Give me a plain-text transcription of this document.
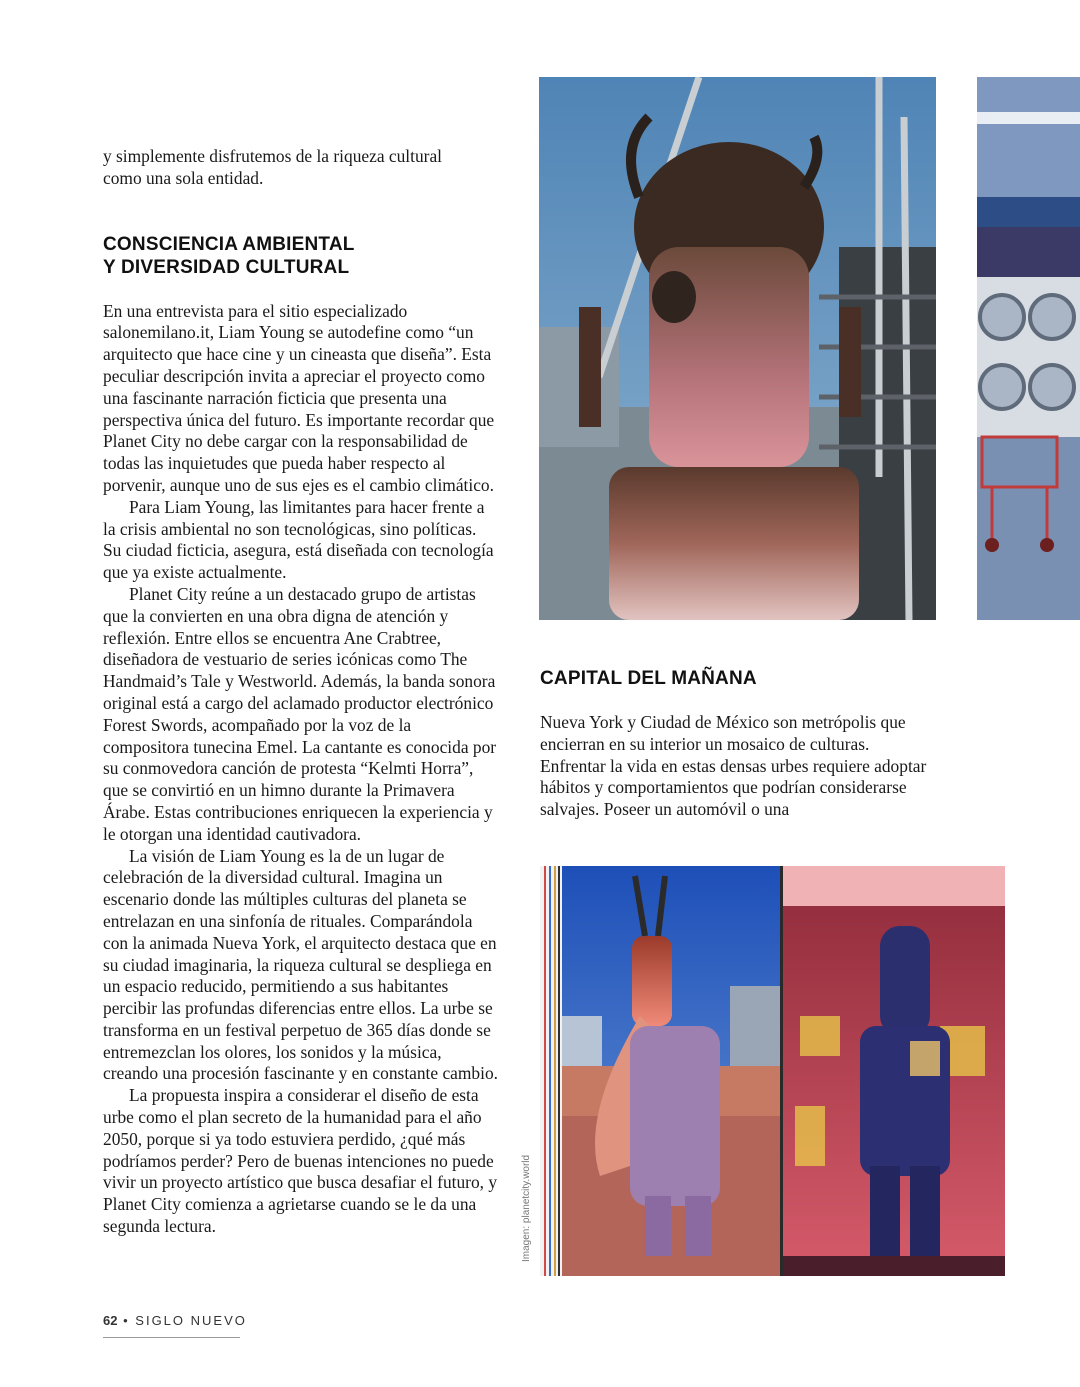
y simplemente disfrutemos de la riqueza cultural como una sola entidad.

CONSCIENCIA AMBIENTAL
Y DIVERSIDAD CULTURAL

En una entrevista para el sitio especializado salonemilano.it, Liam Young se autodefine como “un arquitecto que hace cine y un cineasta que diseña”. Esta peculiar descripción invita a apreciar el proyecto como una fascinante narración ficticia que presenta una perspectiva única del futuro. Es importante recordar que Planet City no debe cargar con la responsabilidad de todas las inquietudes que pueda haber respecto al porvenir, aunque uno de sus ejes es el cambio climático.

Para Liam Young, las limitantes para hacer frente a la crisis ambiental no son tecnológicas, sino políticas. Su ciudad ficticia, asegura, está diseñada con tecnología que ya existe actualmente.

Planet City reúne a un destacado grupo de artistas que la convierten en una obra digna de atención y reflexión. Entre ellos se encuentra Ane Crabtree, diseñadora de vestuario de series icónicas como The Handmaid’s Tale y Westworld. Además, la banda sonora original está a cargo del aclamado productor electrónico Forest Swords, acompañado por la voz de la compositora tunecina Emel. La cantante es conocida por su conmovedora canción de protesta “Kelmti Horra”, que se convirtió en un himno durante la Primavera Árabe. Estas contribuciones enriquecen la experiencia y le otorgan una identidad cautivadora.

La visión de Liam Young es la de un lugar de celebración de la diversidad cultural. Imagina un escenario donde las múltiples culturas del planeta se entrelazan en una sinfonía de rituales. Comparándola con la animada Nueva York, el arquitecto destaca que en su ciudad imaginaria, la riqueza cultural se despliega en un espacio reducido, permitiendo a sus habitantes percibir las profundas diferencias entre ellos. La urbe se transforma en un festival perpetuo de 365 días donde se entremezclan los olores, los sonidos y la música, creando una procesión fascinante y en constante cambio.

La propuesta inspira a considerar el diseño de esta urbe como el plan secreto de la humanidad para el año 2050, porque si ya todo estuviera perdido, ¿qué más podríamos perder? Pero de buenas intenciones no puede vivir un proyecto artístico que busca desafiar el futuro, y Planet City comienza a agrietarse cuando se le da una segunda lectura.

CAPITAL DEL MAÑANA

Nueva York y Ciudad de México son metrópolis que encierran en su interior un mosaico de culturas. Enfrentar la vida en estas densas urbes requiere adoptar hábitos y comportamientos que podrían considerarse salvajes. Poseer un automóvil o una

Imagen: planetcity.world
62 • SIGLO NUEVO
